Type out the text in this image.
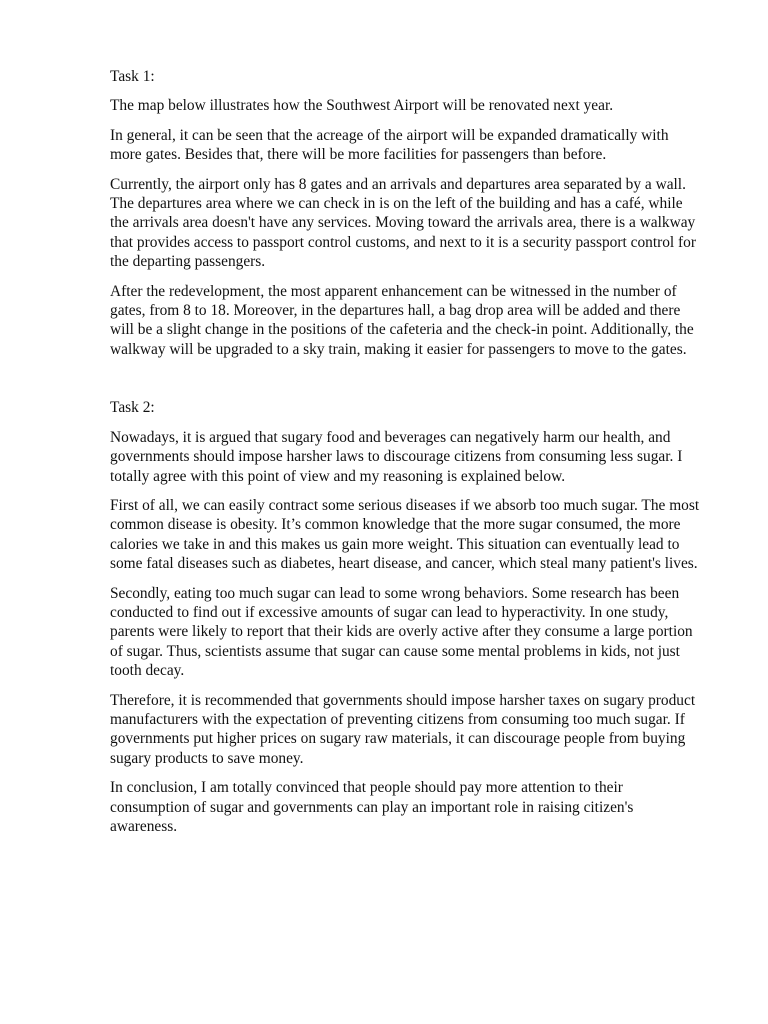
Task 1:

The map below illustrates how the Southwest Airport will be renovated next year.

In general, it can be seen that the acreage of the airport will be expanded dramatically with more gates. Besides that, there will be more facilities for passengers than before.

Currently, the airport only has 8 gates and an arrivals and departures area separated by a wall. The departures area where we can check in is on the left of the building and has a café, while the arrivals area doesn't have any services. Moving toward the arrivals area, there is a walkway that provides access to passport control customs, and next to it is a security passport control for the departing passengers.

After the redevelopment, the most apparent enhancement can be witnessed in the number of gates, from 8 to 18. Moreover, in the departures hall, a bag drop area will be added and there will be a slight change in the positions of the cafeteria and the check-in point. Additionally, the walkway will be upgraded to a sky train, making it easier for passengers to move to the gates.

Task 2:

Nowadays, it is argued that sugary food and beverages can negatively harm our health, and governments should impose harsher laws to discourage citizens from consuming less sugar. I totally agree with this point of view and my reasoning is explained below.

First of all, we can easily contract some serious diseases if we absorb too much sugar. The most common disease is obesity. It’s common knowledge that the more sugar consumed, the more calories we take in and this makes us gain more weight. This situation can eventually lead to some fatal diseases such as diabetes, heart disease, and cancer, which steal many patient's lives.

Secondly, eating too much sugar can lead to some wrong behaviors. Some research has been conducted to find out if excessive amounts of sugar can lead to hyperactivity. In one study, parents were likely to report that their kids are overly active after they consume a large portion of sugar. Thus, scientists assume that sugar can cause some mental problems in kids, not just tooth decay.

Therefore, it is recommended that governments should impose harsher taxes on sugary product manufacturers with the expectation of preventing citizens from consuming too much sugar. If governments put higher prices on sugary raw materials, it can discourage people from buying sugary products to save money.

In conclusion, I am totally convinced that people should pay more attention to their consumption of sugar and governments can play an important role in raising citizen's awareness.
